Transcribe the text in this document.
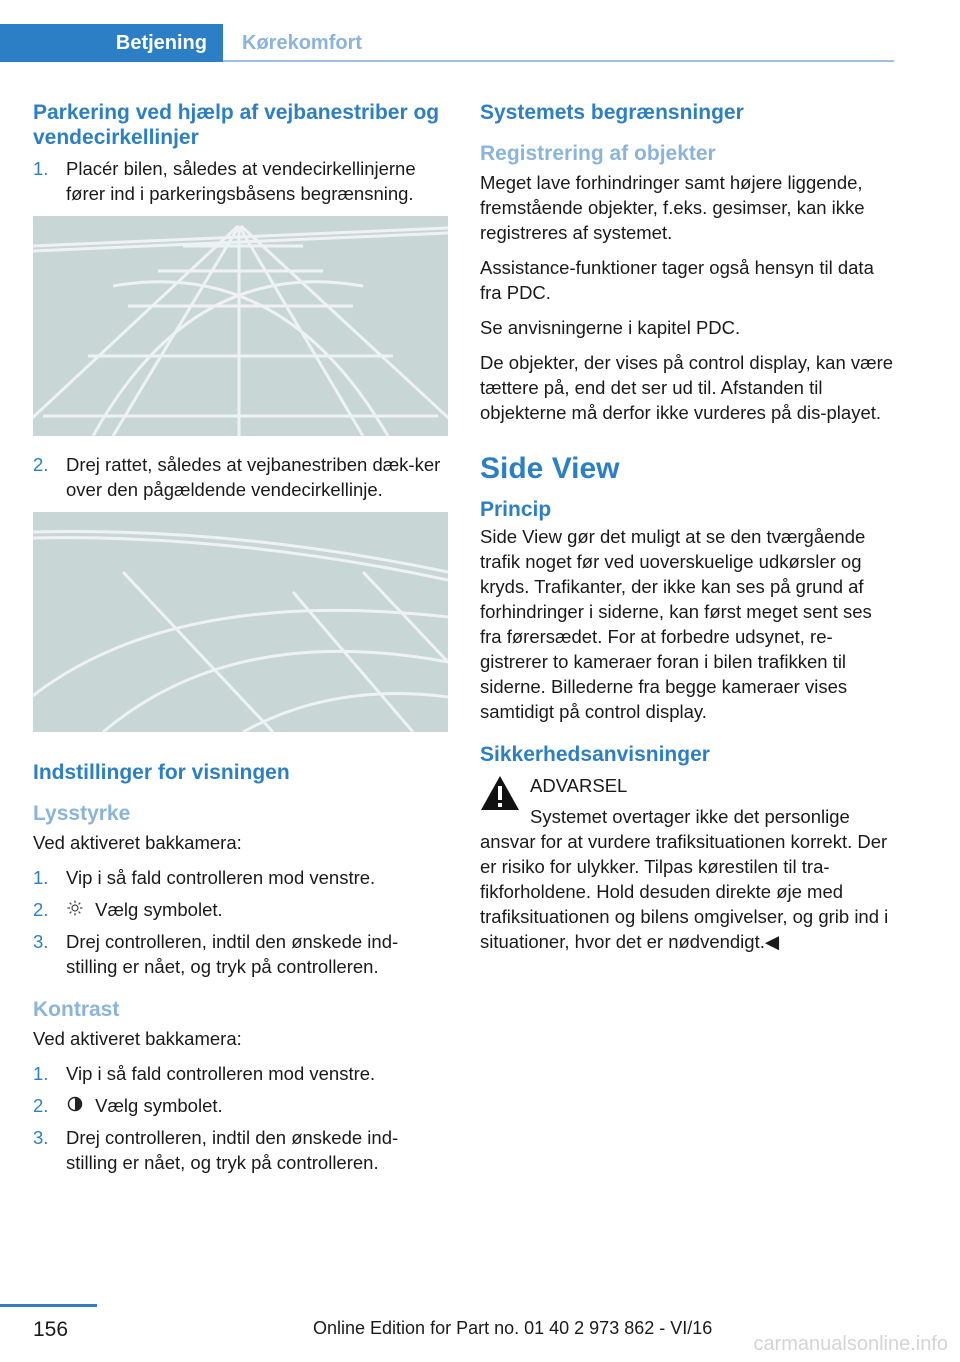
Betjening	Kørekomfort
Parkering ved hjælp af vejbanestriber og vendecirkellinjer
1. Placér bilen, således at vendecirkellinjerne fører ind i parkeringsbåsens begrænsning.
2. Drej rattet, således at vejbanestriben dæk‐ker over den pågældende vendecirkellinje.
Indstillinger for visningen
Lysstyrke

Ved aktiveret bakkamera:

1. Vip i så fald controlleren mod venstre.
2.	Vælg symbolet.
3. Drej controlleren, indtil den ønskede ind‐stilling er nået, og tryk på controlleren.
Kontrast

Ved aktiveret bakkamera:

1. Vip i så fald controlleren mod venstre.
2.	Vælg symbolet.
3. Drej controlleren, indtil den ønskede ind‐stilling er nået, og tryk på controlleren.
Systemets begrænsninger
Registrering af objekter

Meget lave forhindringer samt højere liggende, fremstående objekter, f.eks. gesimser, kan ikke registreres af systemet.

Assistance-funktioner tager også hensyn til data fra PDC.

Se anvisningerne i kapitel PDC.

De objekter, der vises på control display, kan være tættere på, end det ser ud til. Afstanden til objekterne må derfor ikke vurderes på dis‐playet.

Side View
Princip

Side View gør det muligt at se den tværgående trafik noget før ved uoverskuelige udkørsler og kryds. Trafikanter, der ikke kan ses på grund af forhindringer i siderne, kan først meget sent ses fra førersædet. For at forbedre udsynet, re‐gistrerer to kameraer foran i bilen trafikken til siderne. Billederne fra begge kameraer vises samtidigt på control display.

Sikkerhedsanvisninger
ADVARSEL
Systemet overtager ikke det personlige ansvar for at vurdere trafiksituationen korrekt. Der er risiko for ulykker. Tilpas kørestilen til tra‐fikforholdene. Hold desuden direkte øje med trafiksituationen og bilens omgivelser, og grib ind i situationer, hvor det er nødvendigt.◀
156	Online Edition for Part no. 01 40 2 973 862 - VI/16
carmanualsonline.info
